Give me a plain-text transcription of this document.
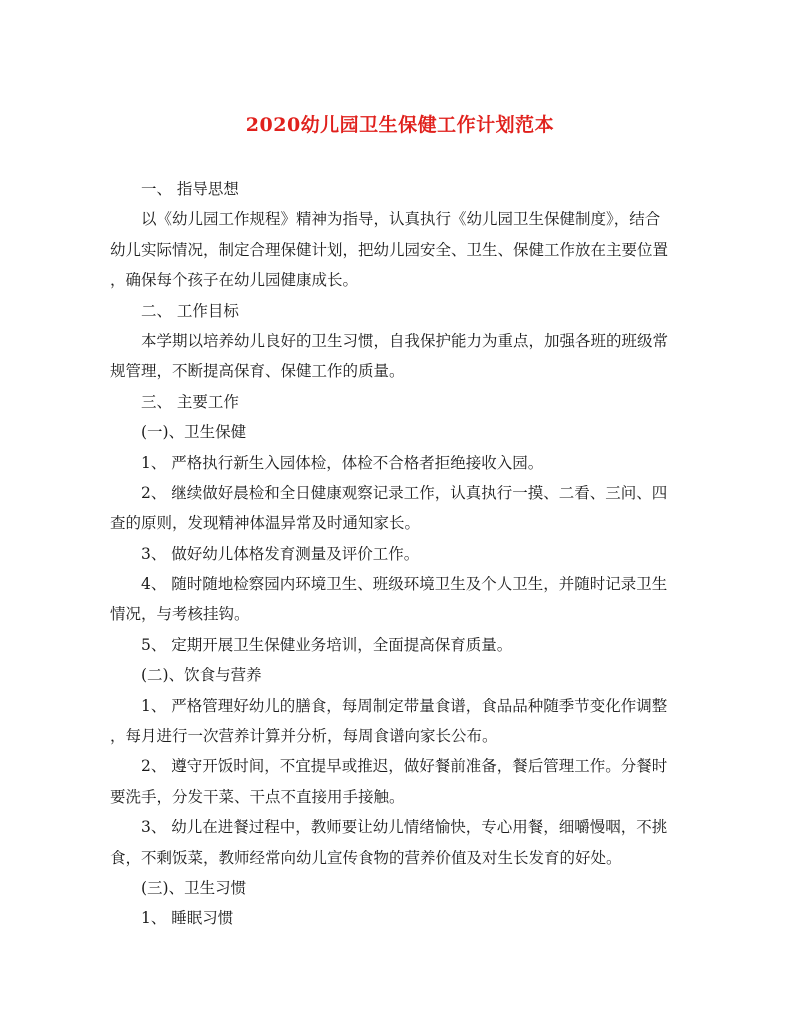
2020幼儿园卫生保健工作计划范本
一、 指导思想
以《幼儿园工作规程》精神为指导，认真执行《幼儿园卫生保健制度》，结合
幼儿实际情况，制定合理保健计划，把幼儿园安全、卫生、保健工作放在主要位置
，确保每个孩子在幼儿园健康成长。
二、 工作目标
本学期以培养幼儿良好的卫生习惯，自我保护能力为重点，加强各班的班级常
规管理，不断提高保育、保健工作的质量。
三、 主要工作
(一)、卫生保健
1、 严格执行新生入园体检，体检不合格者拒绝接收入园。
2、 继续做好晨检和全日健康观察记录工作，认真执行一摸、二看、三问、四
查的原则，发现精神体温异常及时通知家长。
3、 做好幼儿体格发育测量及评价工作。
4、 随时随地检察园内环境卫生、班级环境卫生及个人卫生，并随时记录卫生
情况，与考核挂钩。
5、 定期开展卫生保健业务培训，全面提高保育质量。
(二)、饮食与营养
1、 严格管理好幼儿的膳食，每周制定带量食谱，食品品种随季节变化作调整
，每月进行一次营养计算并分析，每周食谱向家长公布。
2、 遵守开饭时间，不宜提早或推迟，做好餐前准备，餐后管理工作。分餐时
要洗手，分发干菜、干点不直接用手接触。
3、 幼儿在进餐过程中，教师要让幼儿情绪愉快，专心用餐，细嚼慢咽，不挑
食，不剩饭菜，教师经常向幼儿宣传食物的营养价值及对生长发育的好处。
(三)、卫生习惯
1、 睡眠习惯
